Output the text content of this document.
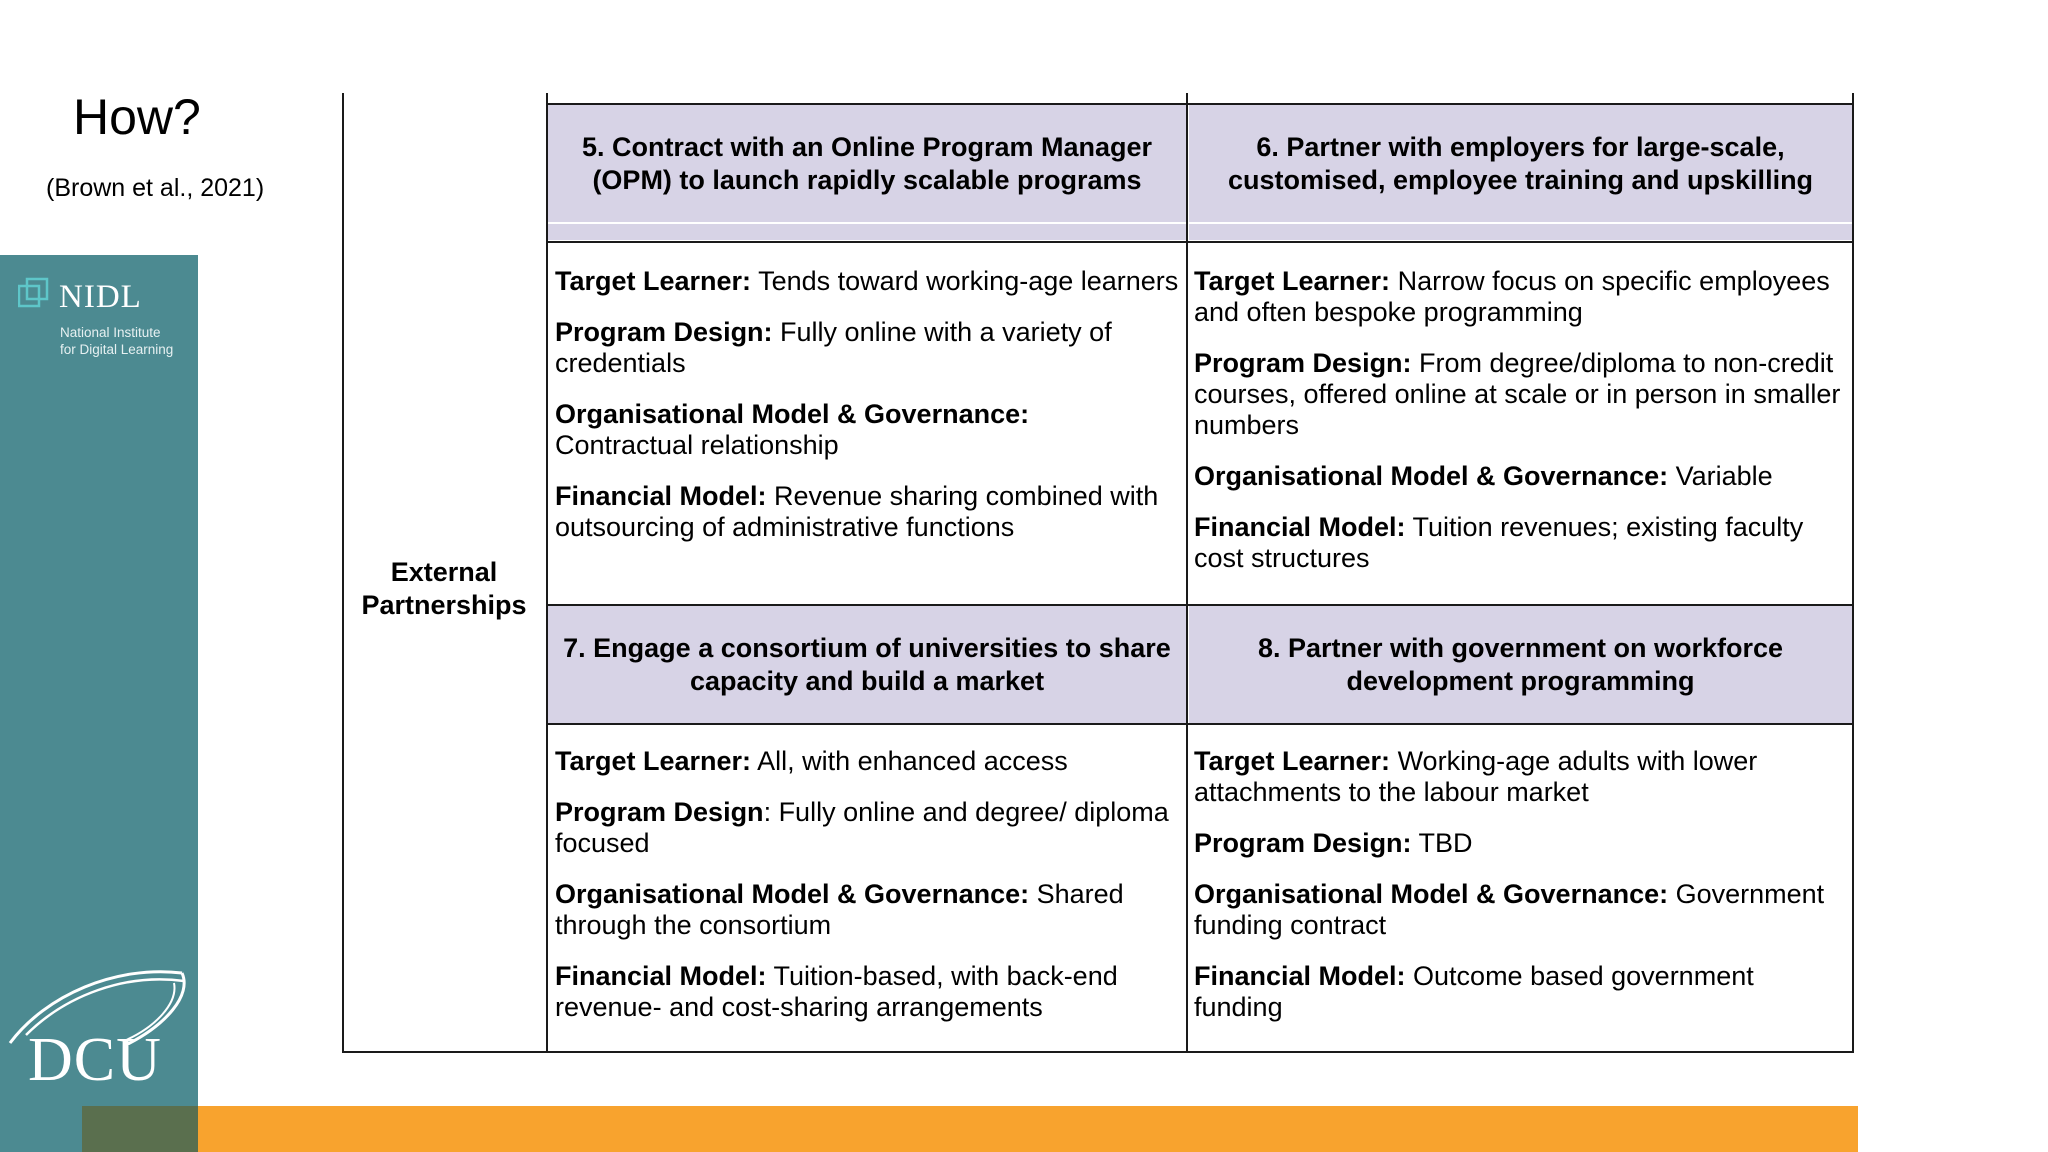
NIDL
National Institute
for Digital Learning
DCU
How?
(Brown et al., 2021)
5. Contract with an Online Program Manager (OPM) to launch rapidly scalable programs
6. Partner with employers for large-scale, customised, employee training and upskilling
7. Engage a consortium of universities to share capacity and build a market
8. Partner with government on workforce development programming
External Partnerships

Target Learner: Tends toward working-age learners

Program Design: Fully online with a variety of credentials

Organisational Model & Governance:
Contractual relationship

Financial Model: Revenue sharing combined with outsourcing of administrative functions

Target Learner: Narrow focus on specific employees and often bespoke programming

Program Design: From degree/diploma to non-credit courses, offered online at scale or in person in smaller numbers

Organisational Model & Governance: Variable

Financial Model: Tuition revenues; existing faculty cost structures

Target Learner: All, with enhanced access

Program Design: Fully online and degree/ diploma focused

Organisational Model & Governance: Shared through the consortium

Financial Model: Tuition-based, with back-end revenue- and cost-sharing arrangements

Target Learner: Working-age adults with lower attachments to the labour market

Program Design: TBD

Organisational Model & Governance: Government funding contract

Financial Model: Outcome based government funding
